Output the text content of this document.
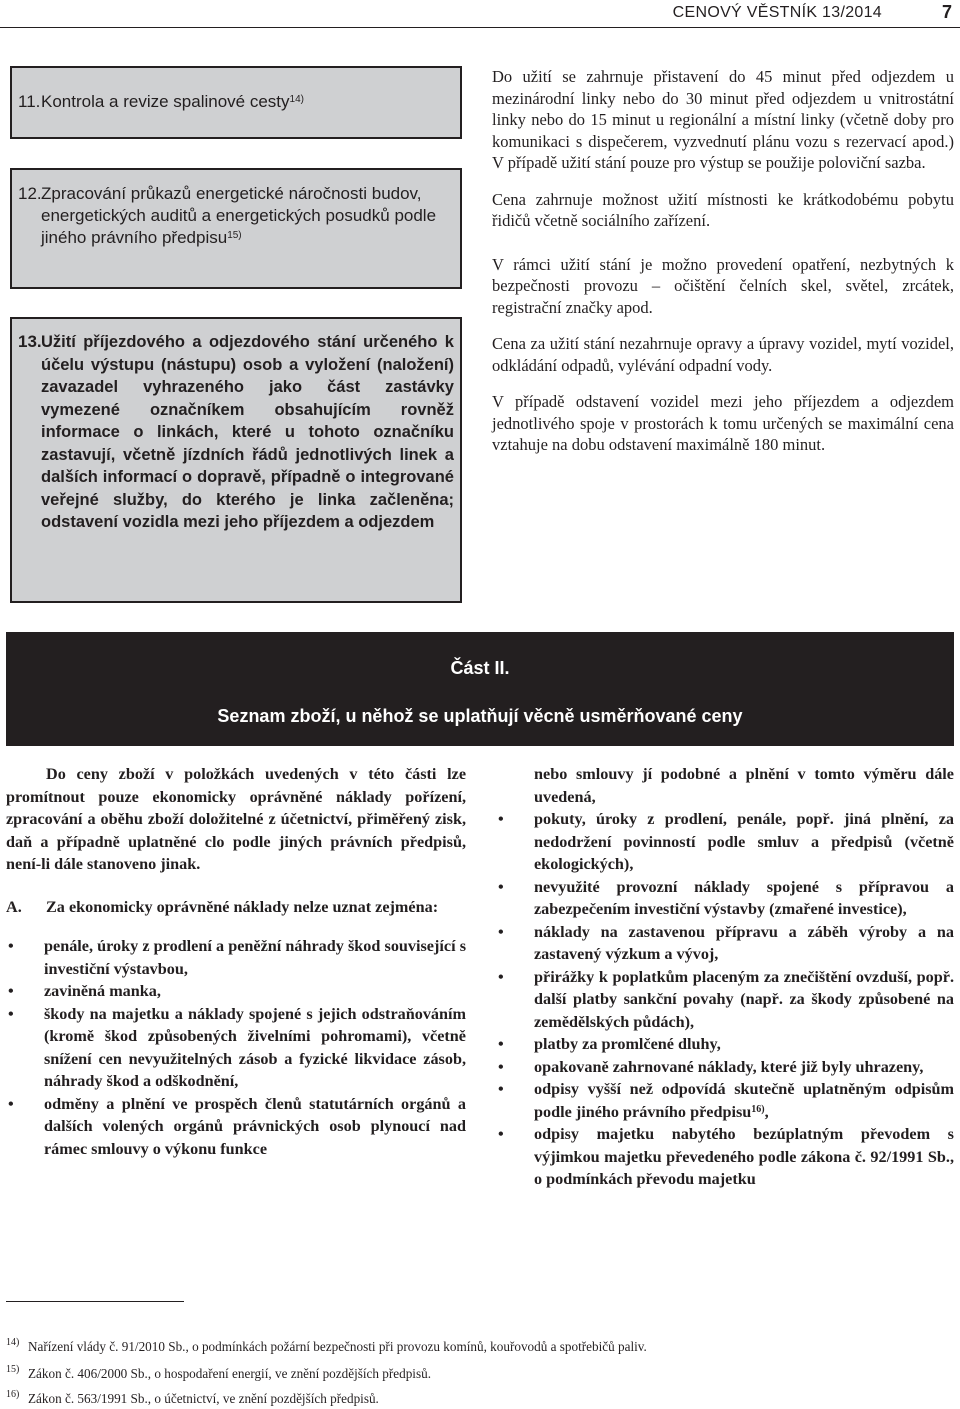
CENOVÝ VĚSTNÍK 13/2014	7
11. Kontrola a revize spalinové cesty$^{14)}$
12. Zpracování průkazů energetické náročnosti budov, energetických auditů a energetických posudků podle jiného právního předpisu$^{15)}$
13. Užití příjezdového a odjezdového stání určeného k účelu výstupu (nástupu) osob a vyložení (naložení) zavazadel vyhrazeného jako část zastávky vymezené označníkem obsahujícím rovněž informace o linkách, které u tohoto označníku zastavují, včetně jízdních řádů jednotlivých linek a dalších informací o dopravě, případně o integrované veřejné služby, do kterého je linka začleněna; odstavení vozidla mezi jeho příjezdem a odjezdem

Do užití se zahrnuje přistavení do 45 minut před odjezdem u mezinárodní linky nebo do 30 minut před odjezdem u vnitrostátní linky nebo do 15 minut u regionální a místní linky (včetně doby pro komunikaci s dispečerem, vyzvednutí plánu vozu s rezervací apod.) V případě užití stání pouze pro výstup se použije poloviční sazba.

Cena zahrnuje možnost užití místnosti ke krátkodobému pobytu řidičů včetně sociálního zařízení.

V rámci užití stání je možno provedení opatření, nezbytných k bezpečnosti provozu – očištění čelních skel, světel, zrcátek, registrační značky apod.

Cena za užití stání nezahrnuje opravy a úpravy vozidel, mytí vozidel, odkládání odpadů, vylévání odpadní vody.

V případě odstavení vozidel mezi jeho příjezdem a odjezdem jednotlivého spoje v prostorách k tomu určených se maximální cena vztahuje na dobu odstavení maximálně 180 minut.

Část II.
Seznam zboží, u něhož se uplatňují věcně usměrňované ceny

Do ceny zboží v položkách uvedených v této části lze promítnout pouze ekonomicky oprávněné náklady pořízení, zpracování a oběhu zboží doložitelné z účetnictví, přiměřený zisk, daň a případně uplatněné clo podle jiných právních předpisů, není-li dále stanoveno jinak.

A.	Za ekonomicky oprávněné náklady nelze uznat zejména:
• penále, úroky z prodlení a peněžní náhrady škod související s investiční výstavbou,
• zaviněná manka,
• škody na majetku a náklady spojené s jejich odstraňováním (kromě škod způsobených živelními pohromami), včetně snížení cen nevyužitelných zásob a fyzické likvidace zásob, náhrady škod a odškodnění,
• odměny a plnění ve prospěch členů statutárních orgánů a dalších volených orgánů právnických osob plynoucí nad rámec smlouvy o výkonu funkce
nebo smlouvy jí podobné a plnění v tomto výměru dále uvedená,
• pokuty, úroky z prodlení, penále, popř. jiná plnění, za nedodržení povinností podle smluv a předpisů (včetně ekologických),
• nevyužité provozní náklady spojené s přípravou a zabezpečením investiční výstavby (zmařené investice),
• náklady na zastavenou přípravu a záběh výroby a na zastavený výzkum a vývoj,
• přirážky k poplatkům placeným za znečištění ovzduší, popř. další platby sankční povahy (např. za škody způsobené na zemědělských půdách),
• platby za promlčené dluhy,
• opakovaně zahrnované náklady, které již byly uhrazeny,
• odpisy vyšší než odpovídá skutečně uplatněným odpisům podle jiného právního předpisu$^{16)}$,
• odpisy majetku nabytého bezúplatným převodem s výjimkou majetku převedeného podle zákona č. 92/1991 Sb., o podmínkách převodu majetku
14) Nařízení vlády č. 91/2010 Sb., o podmínkách požární bezpečnosti při provozu komínů, kouřovodů a spotřebičů paliv.
15) Zákon č. 406/2000 Sb., o hospodaření energií, ve znění pozdějších předpisů.
16) Zákon č. 563/1991 Sb., o účetnictví, ve znění pozdějších předpisů.
